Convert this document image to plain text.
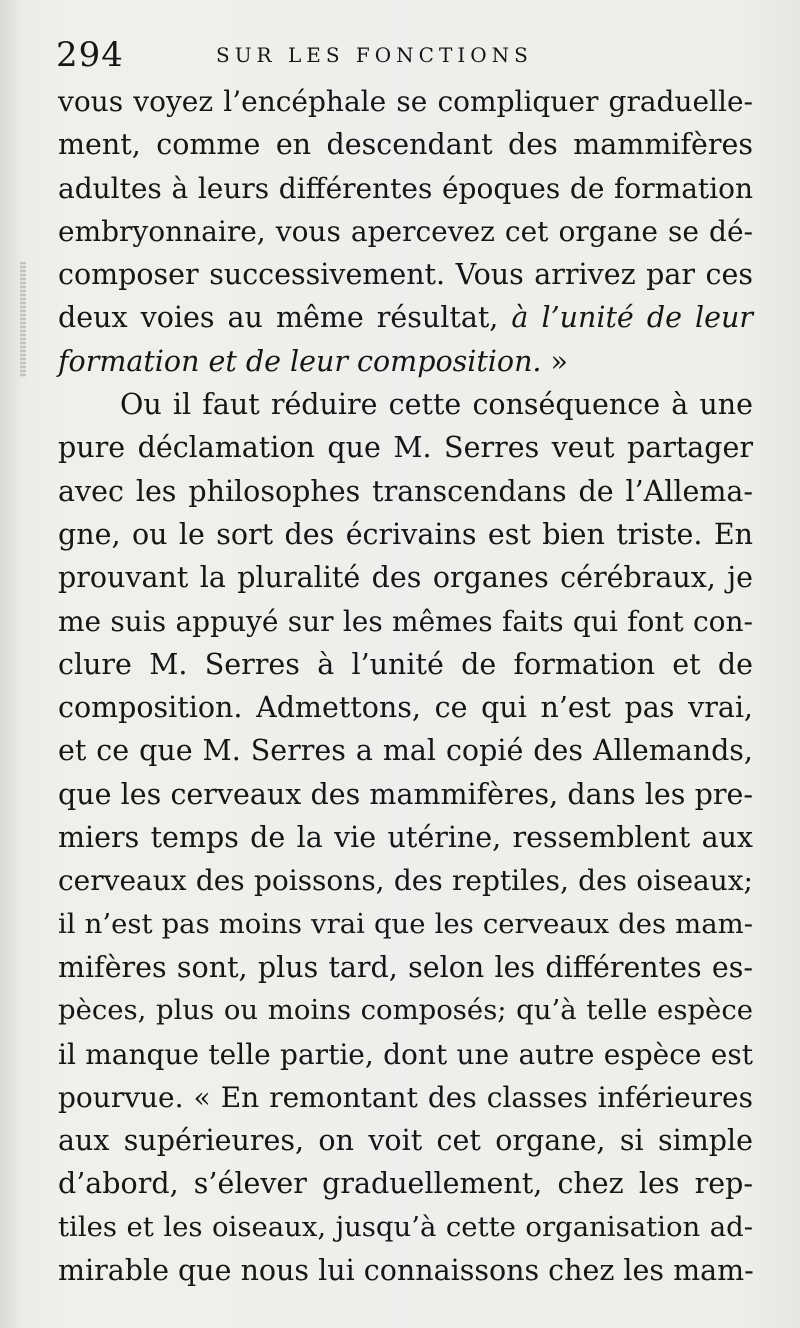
294	SUR LES FONCTIONS
vous voyez l’encéphale se compliquer graduelle-
ment, comme en descendant des mammifères
adultes à leurs différentes époques de formation
embryonnaire, vous apercevez cet organe se dé-
composer successivement. Vous arrivez par ces
deux voies au même résultat, à l’unité de leur
formation et de leur composition. »
Ou il faut réduire cette conséquence à une
pure déclamation que M. Serres veut partager
avec les philosophes transcendans de l’Allema-
gne, ou le sort des écrivains est bien triste. En
prouvant la pluralité des organes cérébraux, je
me suis appuyé sur les mêmes faits qui font con-
clure M. Serres à l’unité de formation et de
composition. Admettons, ce qui n’est pas vrai,
et ce que M. Serres a mal copié des Allemands,
que les cerveaux des mammifères, dans les pre-
miers temps de la vie utérine, ressemblent aux
cerveaux des poissons, des reptiles, des oiseaux;
il n’est pas moins vrai que les cerveaux des mam-
mifères sont, plus tard, selon les différentes es-
pèces, plus ou moins composés; qu’à telle espèce
il manque telle partie, dont une autre espèce est
pourvue. « En remontant des classes inférieures
aux supérieures, on voit cet organe, si simple
d’abord, s’élever graduellement, chez les rep-
tiles et les oiseaux, jusqu’à cette organisation ad-
mirable que nous lui connaissons chez les mam-
